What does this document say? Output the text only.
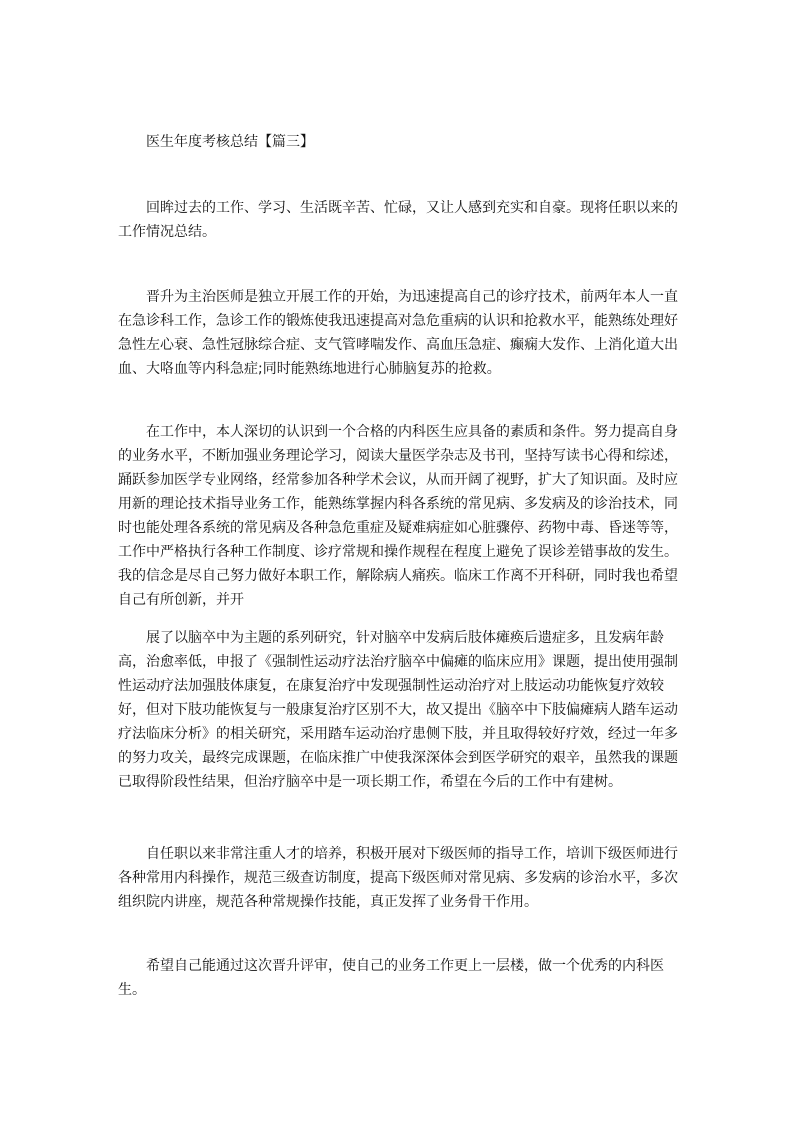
医生年度考核总结【篇三】

回眸过去的工作、学习、生活既辛苦、忙碌，又让人感到充实和自豪。现将任职以来的工作情况总结。

晋升为主治医师是独立开展工作的开始，为迅速提高自己的诊疗技术，前两年本人一直在急诊科工作，急诊工作的锻炼使我迅速提高对急危重病的认识和抢救水平，能熟练处理好急性左心衰、急性冠脉综合症、支气管哮喘发作、高血压急症、癫痫大发作、上消化道大出血、大咯血等内科急症;同时能熟练地进行心肺脑复苏的抢救。

在工作中，本人深切的认识到一个合格的内科医生应具备的素质和条件。努力提高自身的业务水平，不断加强业务理论学习，阅读大量医学杂志及书刊，坚持写读书心得和综述，踊跃参加医学专业网络，经常参加各种学术会议，从而开阔了视野，扩大了知识面。及时应用新的理论技术指导业务工作，能熟练掌握内科各系统的常见病、多发病及的诊治技术，同时也能处理各系统的常见病及各种急危重症及疑难病症如心脏骤停、药物中毒、昏迷等等，工作中严格执行各种工作制度、诊疗常规和操作规程在程度上避免了误诊差错事故的发生。我的信念是尽自己努力做好本职工作，解除病人痛疾。临床工作离不开科研，同时我也希望自己有所创新，并开

展了以脑卒中为主题的系列研究，针对脑卒中发病后肢体瘫痪后遗症多，且发病年龄高，治愈率低，申报了《强制性运动疗法治疗脑卒中偏瘫的临床应用》课题，提出使用强制性运动疗法加强肢体康复，在康复治疗中发现强制性运动治疗对上肢运动功能恢复疗效较好，但对下肢功能恢复与一般康复治疗区别不大，故又提出《脑卒中下肢偏瘫病人踏车运动疗法临床分析》的相关研究，采用踏车运动治疗患侧下肢，并且取得较好疗效，经过一年多的努力攻关，最终完成课题，在临床推广中使我深深体会到医学研究的艰辛，虽然我的课题已取得阶段性结果，但治疗脑卒中是一项长期工作，希望在今后的工作中有建树。

自任职以来非常注重人才的培养，积极开展对下级医师的指导工作，培训下级医师进行各种常用内科操作，规范三级查访制度，提高下级医师对常见病、多发病的诊治水平，多次组织院内讲座，规范各种常规操作技能，真正发挥了业务骨干作用。

希望自己能通过这次晋升评审，使自己的业务工作更上一层楼，做一个优秀的内科医生。
